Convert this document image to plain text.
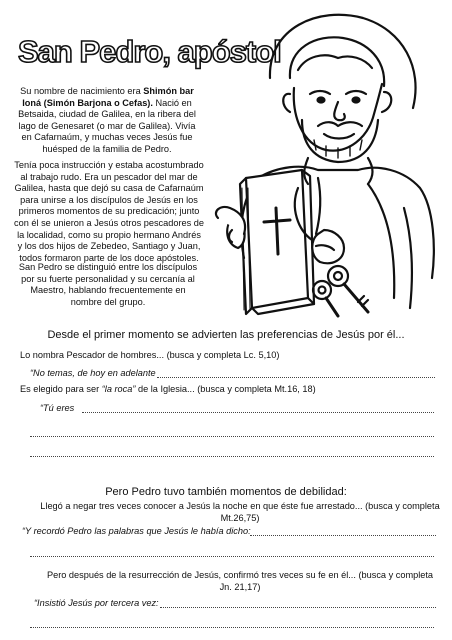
San Pedro, apóstol

Su nombre de nacimiento era Shimón bar Ioná (Simón Barjona o Cefas). Nació en Betsaida, ciudad de Galilea, en la ribera del lago de Genesaret (o mar de Galilea). Vivía en Cafarnaúm, y muchas veces Jesús fue huésped de la familia de Pedro.

Tenía poca instrucción y estaba acostumbrado al trabajo rudo. Era un pescador del mar de Galilea, hasta que dejó su casa de Cafarnaúm para unirse a los discípulos de Jesús en los primeros momentos de su predicación; junto con él se unieron a Jesús otros pescadores de la localidad, como su propio hermano Andrés y los dos hijos de Zebedeo, Santiago y Juan, todos formaron parte de los doce apóstoles.

San Pedro se distinguió entre los discípulos por su fuerte personalidad y su cercanía al Maestro, hablando frecuentemente en nombre del grupo.

Desde el primer momento se advierten las preferencias de Jesús por él...

Lo nombra Pescador de hombres... (busca y completa Lc. 5,10)

“No temas, de hoy en adelante

Es elegido para ser “la roca” de la Iglesia... (busca y completa Mt.16, 18)

“Tú eres

Pero Pedro tuvo también momentos de debilidad:

Llegó a negar tres veces conocer a Jesús la noche en que éste fue arrestado... (busca y completa Mt.26,75)

“Y recordó Pedro las palabras que Jesús le había dicho:

Pero después de la resurrección de Jesús, confirmó tres veces su fe en él... (busca y completa Jn. 21,17)

“Insistió Jesús por tercera vez:
